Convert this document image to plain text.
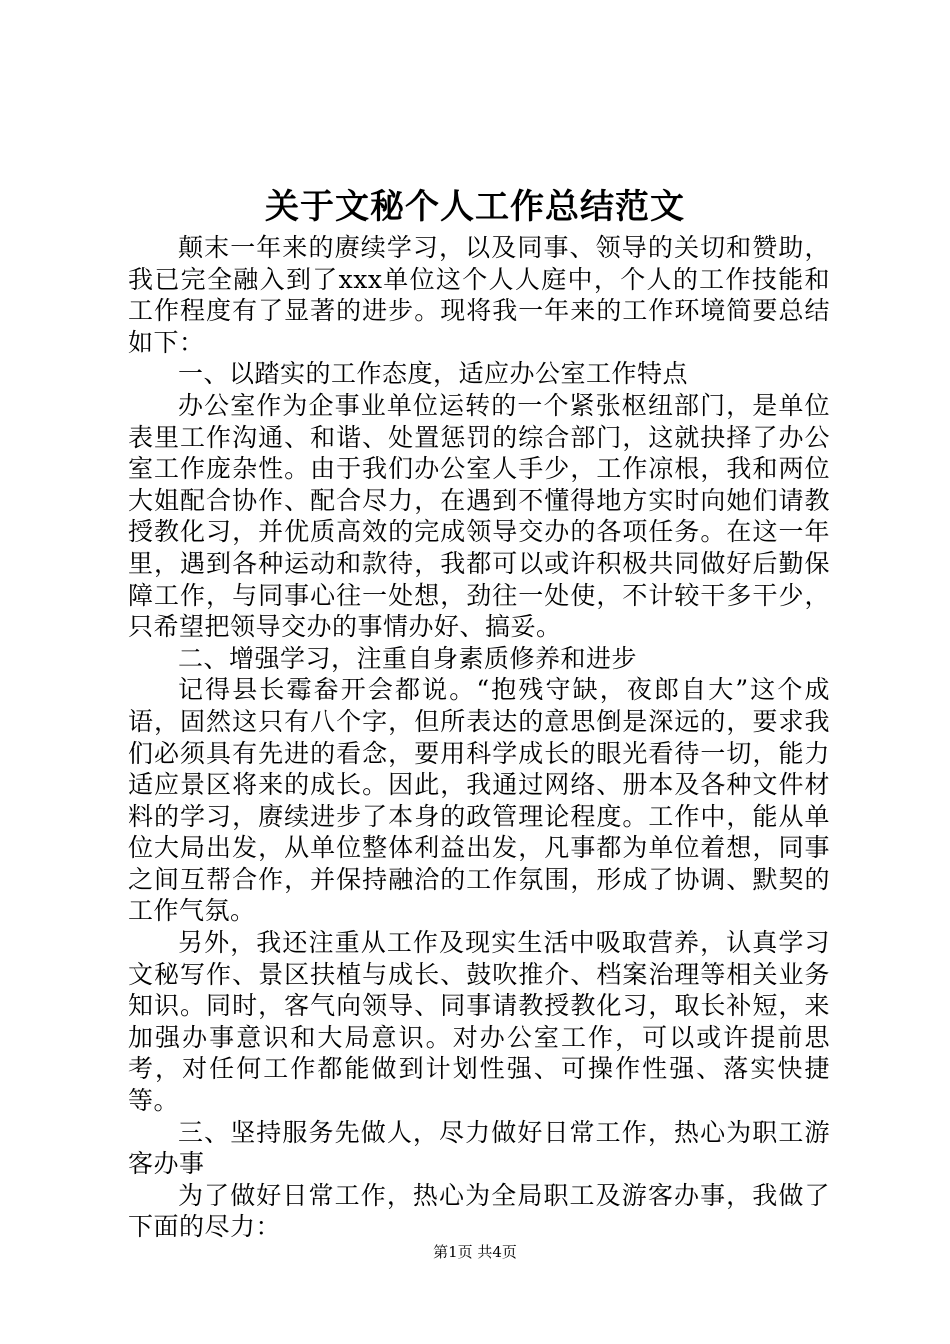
关于文秘个人工作总结范文

颠末一年来的赓续学习，以及同事、领导的关切和赞助，我已完全融入到了xxx单位这个人人庭中，个人的工作技能和工作程度有了显著的进步。现将我一年来的工作环境简要总结如下：

一、以踏实的工作态度，适应办公室工作特点

办公室作为企事业单位运转的一个紧张枢纽部门，是单位表里工作沟通、和谐、处置惩罚的综合部门，这就抉择了办公室工作庞杂性。由于我们办公室人手少，工作凉根，我和两位大姐配合协作、配合尽力，在遇到不懂得地方实时向她们请教授教化习，并优质高效的完成领导交办的各项任务。在这一年里，遇到各种运动和款待，我都可以或许积极共同做好后勤保障工作，与同事心往一处想，劲往一处使，不计较干多干少，只希望把领导交办的事情办好、搞妥。

二、增强学习，注重自身素质修养和进步

记得县长霉畚开会都说。“抱残守缺，夜郎自大”这个成语，固然这只有八个字，但所表达的意思倒是深远的，要求我们必须具有先进的看念，要用科学成长的眼光看待一切，能力适应景区将来的成长。因此，我通过网络、册本及各种文件材料的学习，赓续进步了本身的政管理论程度。工作中，能从单位大局出发，从单位整体利益出发，凡事都为单位着想，同事之间互帮合作，并保持融洽的工作氛围，形成了协调、默契的工作气氛。

另外，我还注重从工作及现实生活中吸取营养，认真学习文秘写作、景区扶植与成长、鼓吹推介、档案治理等相关业务知识。同时，客气向领导、同事请教授教化习，取长补短，来加强办事意识和大局意识。对办公室工作，可以或许提前思考，对任何工作都能做到计划性强、可操作性强、落实快捷等。

三、坚持服务先做人，尽力做好日常工作，热心为职工游客办事

为了做好日常工作，热心为全局职工及游客办事，我做了下面的尽力：

第1页 共4页
